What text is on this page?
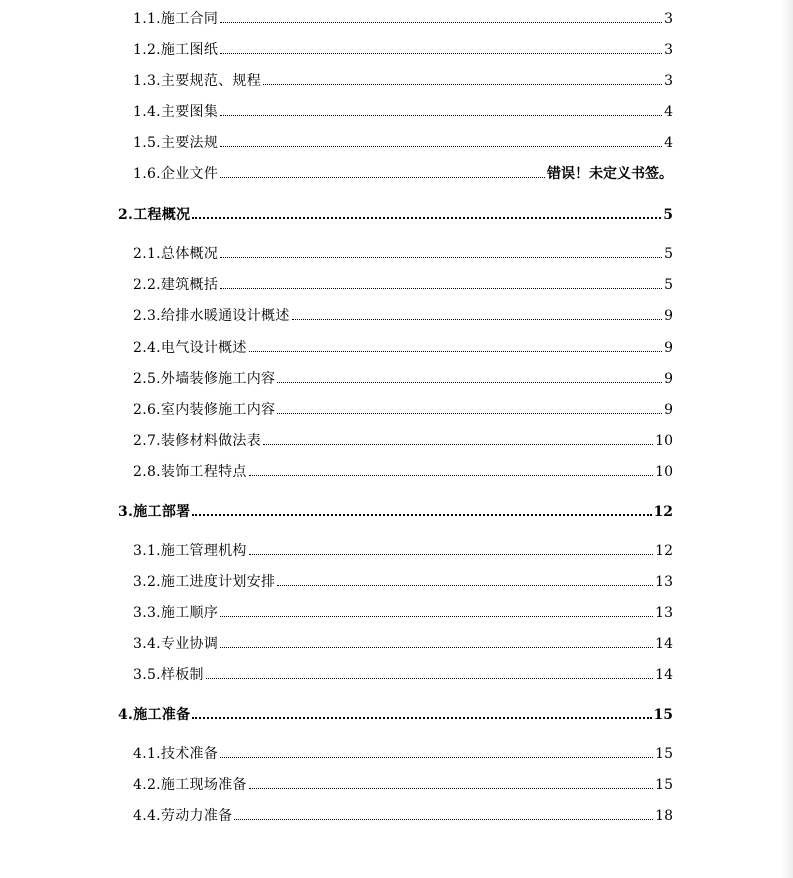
1.1.施工合同	3
1.2.施工图纸	3
1.3.主要规范、规程	3
1.4.主要图集	4
1.5.主要法规	4
1.6.企业文件	错误！未定义书签。
2.工程概况	5
2.1.总体概况	5
2.2.建筑概括	5
2.3.给排水暖通设计概述	9
2.4.电气设计概述	9
2.5.外墙装修施工内容	9
2.6.室内装修施工内容	9
2.7.装修材料做法表	10
2.8.装饰工程特点	10
3.施工部署	12
3.1.施工管理机构	12
3.2.施工进度计划安排	13
3.3.施工顺序	13
3.4.专业协调	14
3.5.样板制	14
4.施工准备	15
4.1.技术准备	15
4.2.施工现场准备	15
4.4.劳动力准备	18
